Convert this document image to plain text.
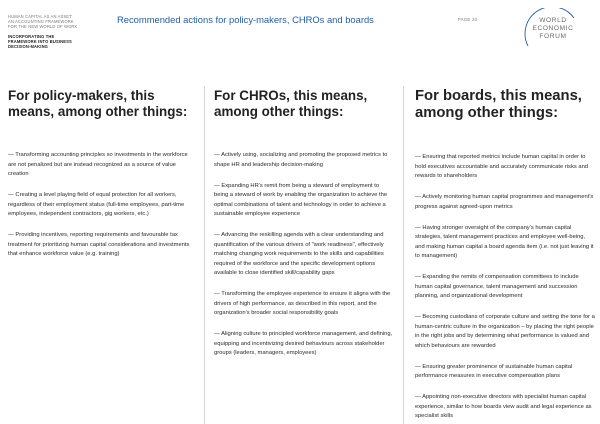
HUMAN CAPITAL AS AN ASSET:
AN ACCOUNTING FRAMEWORK
FOR THE NEW WORLD OF WORK
INCORPORATING THE
FRAMEWORK INTO BUSINESS
DECISION-MAKING
Recommended actions for policy-makers, CHROs and boards	PAGE 20	WORLD
ECONOMIC
FORUM
For policy-makers, this means, among other things:

— Transforming accounting principles so investments in the workforce are not penalized but are instead recognized as a source of value creation

— Creating a level playing field of equal protection for all workers, regardless of their employment status (full-time employees, part-time employees, independent contractors, gig workers, etc.)

— Providing incentives, reporting requirements and favourable tax treatment for prioritizing human capital considerations and investments that enhance workforce value (e.g. training)

For CHROs, this means, among other things:

— Actively using, socializing and promoting the proposed metrics to shape HR and leadership decision-making

— Expanding HR's remit from being a steward of employment to being a steward of work by enabling the organization to achieve the optimal combinations of talent and technology in order to achieve a sustainable employee experience

— Advancing the reskilling agenda with a clear understanding and quantification of the various drivers of "work readiness", effectively matching changing work requirements to the skills and capabilities required of the workforce and the specific development options available to close identified skill/capability gaps

— Transforming the employee experience to ensure it aligns with the drivers of high performance, as described in this report, and the organization's broader social responsibility goals

— Aligning culture to principled workforce management, and defining, equipping and incentivizing desired behaviours across stakeholder groups (leaders, managers, employees)

For boards, this means, among other things:

— Ensuring that reported metrics include human capital in order to hold executives accountable and accurately communicate risks and rewards to shareholders

— Actively monitoring human capital programmes and management's progress against agreed-upon metrics

— Having stronger oversight of the company's human capital strategies, talent management practices and employee well-being, and making human capital a board agenda item (i.e. not just leaving it to management)

— Expanding the remits of compensation committees to include human capital governance, talent management and succession planning, and organizational development

— Becoming custodians of corporate culture and setting the tone for a human-centric culture in the organization – by placing the right people in the right jobs and by determining what performance is valued and which behaviours are rewarded

— Ensuring greater prominence of sustainable human capital performance measures in executive compensation plans

— Appointing non-executive directors with specialist human capital experience, similar to how boards view audit and legal experience as specialist skills
